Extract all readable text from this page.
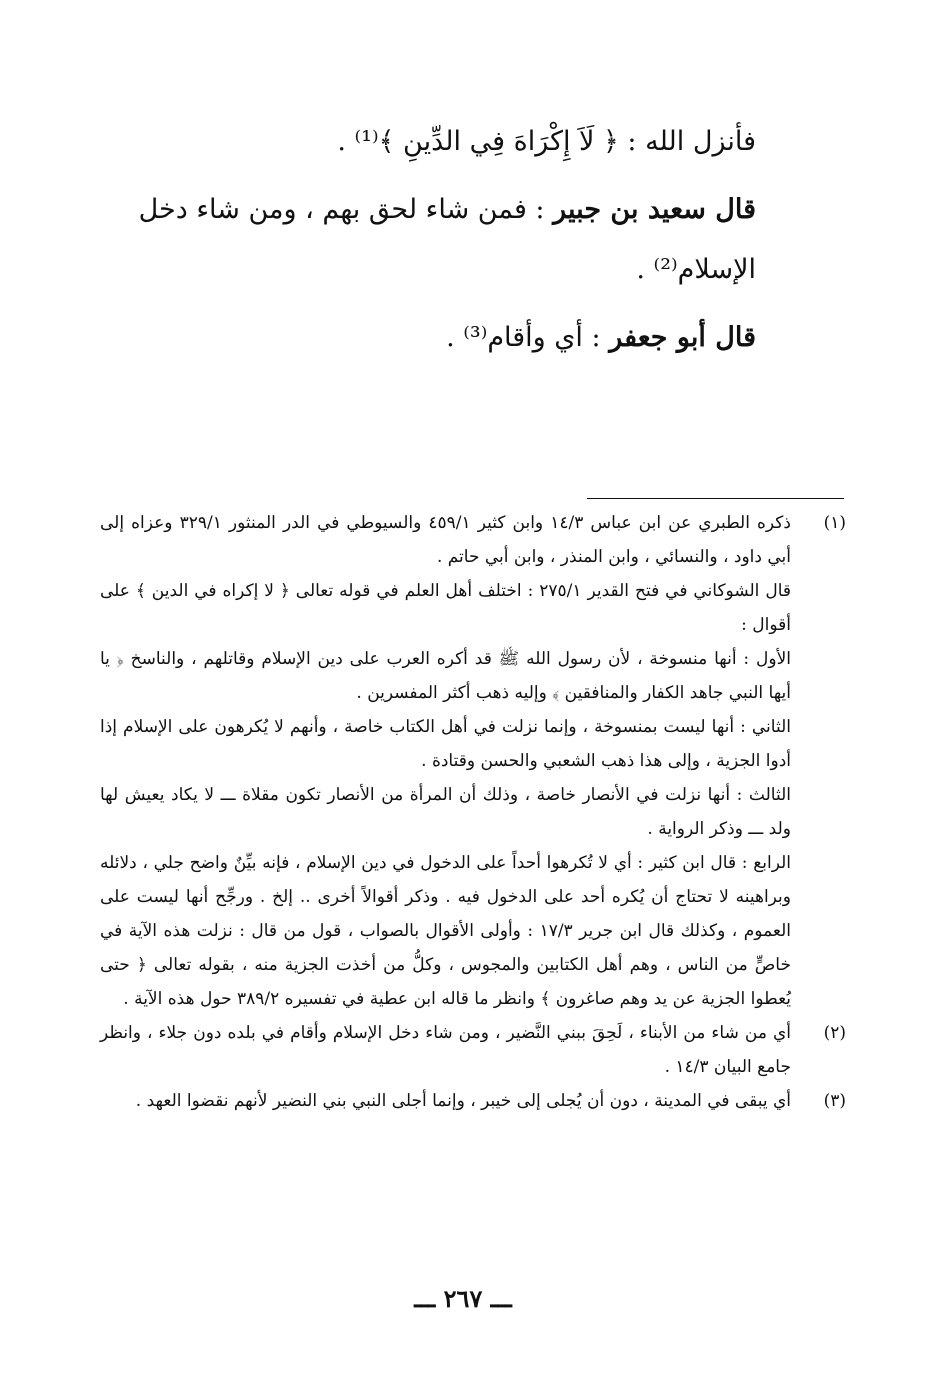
فأنزل الله : ﴿ لَاَ إِكْرَاهَ فِي الدِّينِ ﴾⁽¹⁾ .

قال سعيد بن جبير : فمن شاء لحق بهم ، ومن شاء دخل الإسلام⁽²⁾ .

قال أبو جعفر : أي وأقام⁽³⁾ .

(١)

ذكره الطبري عن ابن عباس ١٤/٣ وابن كثير ٤٥٩/١ والسيوطي في الدر المنثور ٣٢٩/١ وعزاه إلى أبي داود ، والنسائي ، وابن المنذر ، وابن أبي حاتم .

قال الشوكاني في فتح القدير ٢٧٥/١ : اختلف أهل العلم في قوله تعالى ﴿ لا إكراه في الدين ﴾ على أقوال :

الأول : أنها منسوخة ، لأن رسول الله ﷺ قد أكره العرب على دين الإسلام وقاتلهم ، والناسخ ﴿ يا أيها النبي جاهد الكفار والمنافقين ﴾ وإليه ذهب أكثر المفسرين .

الثاني : أنها ليست بمنسوخة ، وإنما نزلت في أهل الكتاب خاصة ، وأنهم لا يُكرهون على الإسلام إذا أدوا الجزية ، وإلى هذا ذهب الشعبي والحسن وقتادة .

الثالث : أنها نزلت في الأنصار خاصة ، وذلك أن المرأة من الأنصار تكون مقلاة ـــ لا يكاد يعيش لها ولد ـــ وذكر الرواية .

الرابع : قال ابن كثير : أي لا تُكرهوا أحداً على الدخول في دين الإسلام ، فإنه بيِّنٌ واضح جلي ، دلائله وبراهينه لا تحتاج أن يُكره أحد على الدخول فيه . وذكر أقوالاً أخرى .. إلخ . ورجِّح أنها ليست على العموم ، وكذلك قال ابن جرير ١٧/٣ : وأولى الأقوال بالصواب ، قول من قال : نزلت هذه الآية في خاصٍّ من الناس ، وهم أهل الكتابين والمجوس ، وكلُّ من أخذت الجزية منه ، بقوله تعالى ﴿ حتى يُعطوا الجزية عن يد وهم صاغرون ﴾ وانظر ما قاله ابن عطية في تفسيره ٣٨٩/٢ حول هذه الآية .

(٢)

أي من شاء من الأبناء ، لَحِقَ ببني النَّضير ، ومن شاء دخل الإسلام وأقام في بلده دون جلاء ، وانظر جامع البيان ١٤/٣ .

(٣)

أي يبقى في المدينة ، دون أن يُجلى إلى خيبر ، وإنما أجلى النبي بني النضير لأنهم نقضوا العهد .

ـــ ٢٦٧ ـــ
